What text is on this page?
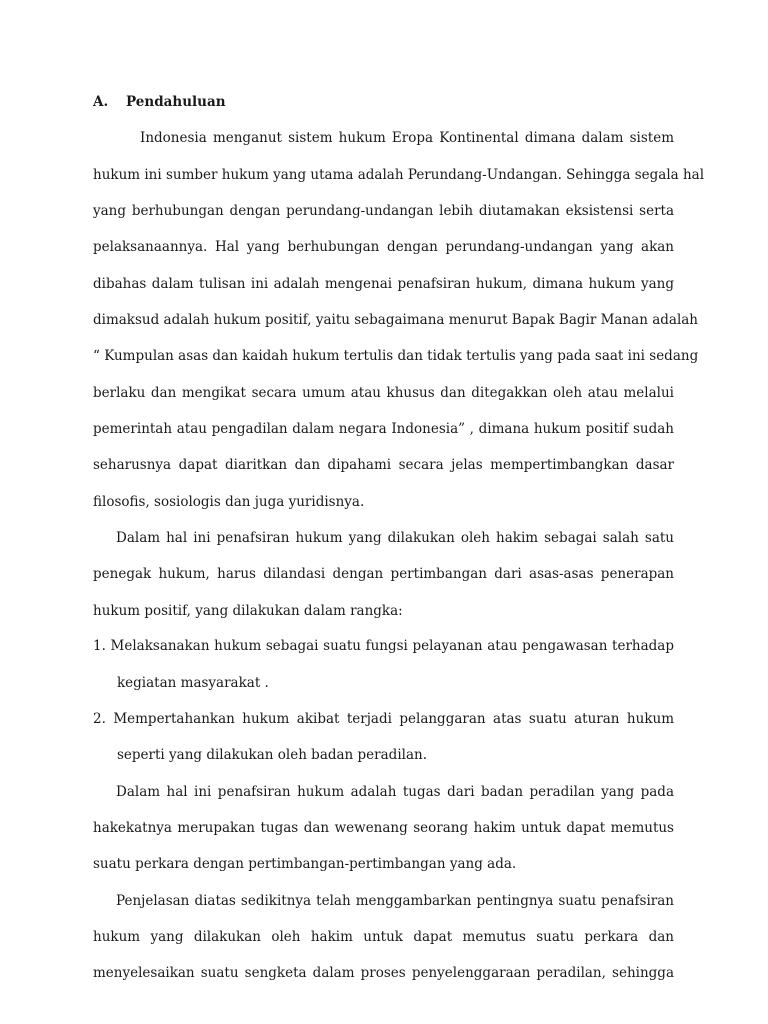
A. Pendahuluan
Indonesia menganut sistem hukum Eropa Kontinental dimana dalam sistem
hukum ini sumber hukum yang utama adalah Perundang-Undangan. Sehingga segala hal
yang berhubungan dengan perundang-undangan lebih diutamakan eksistensi serta
pelaksanaannya. Hal yang berhubungan dengan perundang-undangan yang akan
dibahas dalam tulisan ini adalah mengenai penafsiran hukum, dimana hukum yang
dimaksud adalah hukum positif, yaitu sebagaimana menurut Bapak Bagir Manan adalah
“ Kumpulan asas dan kaidah hukum tertulis dan tidak tertulis yang pada saat ini sedang
berlaku dan mengikat secara umum atau khusus dan ditegakkan oleh atau melalui
pemerintah atau pengadilan dalam negara Indonesia” , dimana hukum positif sudah
seharusnya dapat diaritkan dan dipahami secara jelas mempertimbangkan dasar
filosofis, sosiologis dan juga yuridisnya.
Dalam hal ini penafsiran hukum yang dilakukan oleh hakim sebagai salah satu
penegak hukum, harus dilandasi dengan pertimbangan dari asas-asas penerapan
hukum positif, yang dilakukan dalam rangka:
1. Melaksanakan hukum sebagai suatu fungsi pelayanan atau pengawasan terhadap
kegiatan masyarakat .
2. Mempertahankan hukum akibat terjadi pelanggaran atas suatu aturan hukum
seperti yang dilakukan oleh badan peradilan.
Dalam hal ini penafsiran hukum adalah tugas dari badan peradilan yang pada
hakekatnya merupakan tugas dan wewenang seorang hakim untuk dapat memutus
suatu perkara dengan pertimbangan-pertimbangan yang ada.
Penjelasan diatas sedikitnya telah menggambarkan pentingnya suatu penafsiran
hukum yang dilakukan oleh hakim untuk dapat memutus suatu perkara dan
menyelesaikan suatu sengketa dalam proses penyelenggaraan peradilan, sehingga
